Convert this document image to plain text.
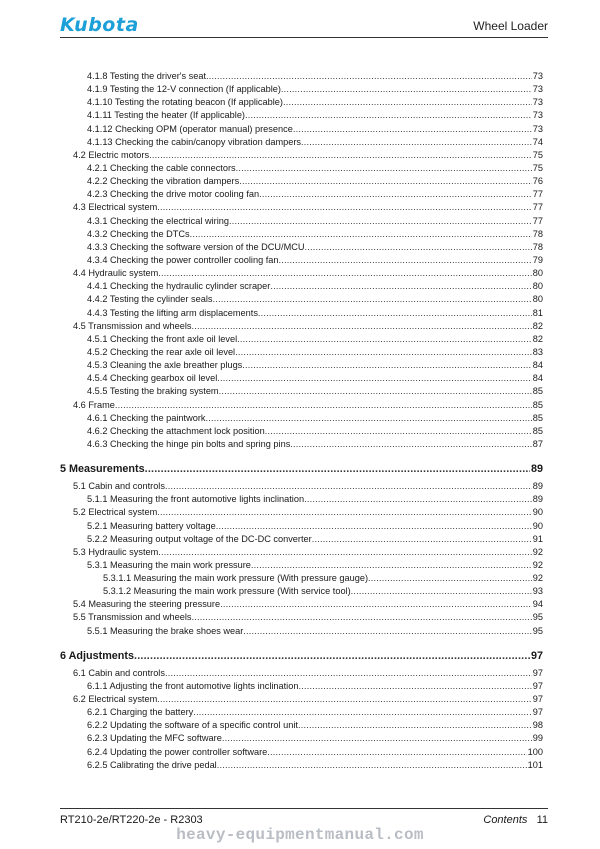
Kubota	Wheel Loader
4.1.8 Testing the driver's seat .....	73
4.1.9 Testing the 12-V connection (If applicable) .....	73
4.1.10 Testing the rotating beacon (If applicable) .....	73
4.1.11 Testing the heater (If applicable) .....	73
4.1.12 Checking OPM (operator manual) presence .....	73
4.1.13 Checking the cabin/canopy vibration dampers .....	74
4.2 Electric motors .....	75
4.2.1 Checking the cable connectors .....	75
4.2.2 Checking the vibration dampers .....	76
4.2.3 Checking the drive motor cooling fan .....	77
4.3 Electrical system .....	77
4.3.1 Checking the electrical wiring .....	77
4.3.2 Checking the DTCs .....	78
4.3.3 Checking the software version of the DCU/MCU .....	78
4.3.4 Checking the power controller cooling fan .....	79
4.4 Hydraulic system .....	80
4.4.1 Checking the hydraulic cylinder scraper .....	80
4.4.2 Testing the cylinder seals .....	80
4.4.3 Testing the lifting arm displacements .....	81
4.5 Transmission and wheels .....	82
4.5.1 Checking the front axle oil level .....	82
4.5.2 Checking the rear axle oil level .....	83
4.5.3 Cleaning the axle breather plugs .....	84
4.5.4 Checking gearbox oil level .....	84
4.5.5 Testing the braking system .....	85
4.6 Frame .....	85
4.6.1 Checking the paintwork .....	85
4.6.2 Checking the attachment lock position .....	85
4.6.3 Checking the hinge pin bolts and spring pins .....	87
5 Measurements .....	89
5.1 Cabin and controls .....	89
5.1.1 Measuring the front automotive lights inclination .....	89
5.2 Electrical system .....	90
5.2.1 Measuring battery voltage .....	90
5.2.2 Measuring output voltage of the DC-DC converter .....	91
5.3 Hydraulic system .....	92
5.3.1 Measuring the main work pressure .....	92
5.3.1.1 Measuring the main work pressure (With pressure gauge) .....	92
5.3.1.2 Measuring the main work pressure (With service tool) .....	93
5.4 Measuring the steering pressure .....	94
5.5 Transmission and wheels .....	95
5.5.1 Measuring the brake shoes wear .....	95
6 Adjustments .....	97
6.1 Cabin and controls .....	97
6.1.1 Adjusting the front automotive lights inclination .....	97
6.2 Electrical system .....	97
6.2.1 Charging the battery .....	97
6.2.2 Updating the software of a specific control unit .....	98
6.2.3 Updating the MFC software .....	99
6.2.4 Updating the power controller software .....	100
6.2.5 Calibrating the drive pedal .....	101
RT210-2e/RT220-2e - R2303	Contents 11
heavy-equipmentmanual.com
